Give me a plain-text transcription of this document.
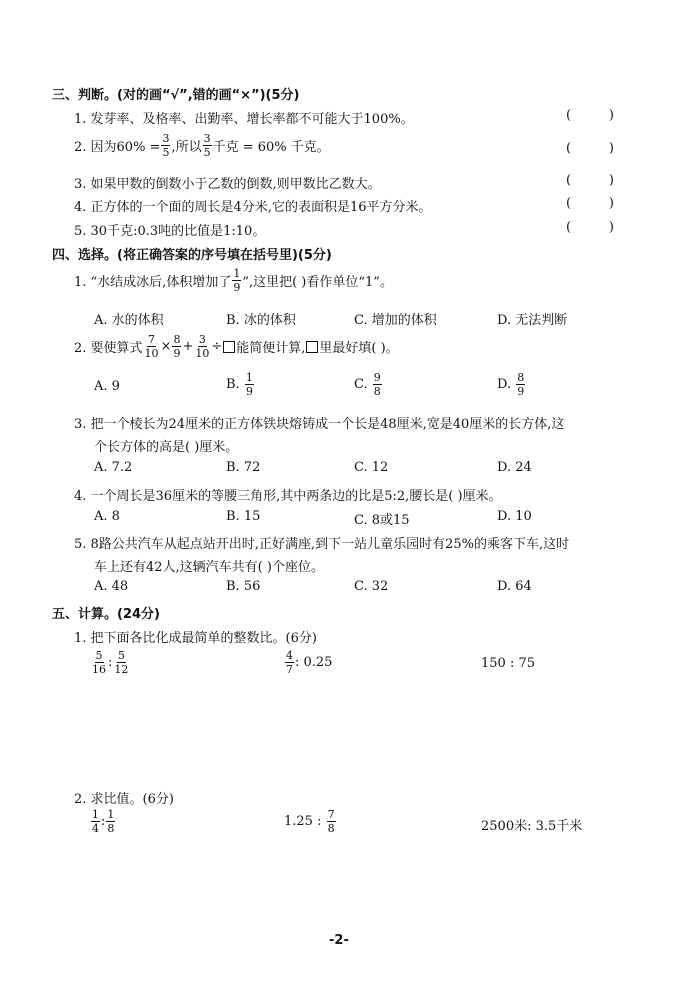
三、判断。(对的画“√”,错的画“×”)(5分)
1. 发芽率、及格率、出勤率、增长率都不可能大于100%。	(	)
2. 因为$60\% = \frac{3}{5}$ ,所以 $\frac{3}{5}$ 千克 = 60% 千克。	(	)
3. 如果甲数的倒数小于乙数的倒数,则甲数比乙数大。	(	)
4. 正方体的一个面的周长是4分米,它的表面积是16平方分米。	(	)
5. 30千克:0.3吨的比值是1:10。	(	)
四、选择。(将正确答案的序号填在括号里)(5分)
1. “水结成冰后,体积增加了 $\frac{1}{9}$ ”,这里把( )看作单位“1”。
A. 水的体积	B. 冰的体积	C. 增加的体积	D. 无法判断
2. 要使算式 $\frac{7}{10} \times \frac{8}{9} + \frac{3}{10}$ ÷ 能简便计算, 里最好填( )。
A. 9	B. $\frac{1}{9}$	C. $\frac{9}{8}$	D. $\frac{8}{9}$
3. 把一个棱长为24厘米的正方体铁块熔铸成一个长是48厘米,宽是40厘米的长方体,这
个长方体的高是( )厘米。
A. 7.2	B. 72	C. 12	D. 24
4. 一个周长是36厘米的等腰三角形,其中两条边的比是5:2,腰长是( )厘米。
A. 8	B. 15	C. 8或15	D. 10
5. 8路公共汽车从起点站开出时,正好满座,到下一站儿童乐园时有25%的乘客下车,这时
车上还有42人,这辆汽车共有( )个座位。
A. 48	B. 56	C. 32	D. 64
五、计算。(24分)
1. 把下面各比化成最简单的整数比。(6分)
$\frac{5}{16}$ : $\frac{5}{12}$	$\frac{4}{7}$ : 0.25	150 : 75
2. 求比值。(6分)
$\frac{1}{4}$ : $\frac{1}{8}$	1.25 : $\frac{7}{8}$	2500米: 3.5千米
-2-
